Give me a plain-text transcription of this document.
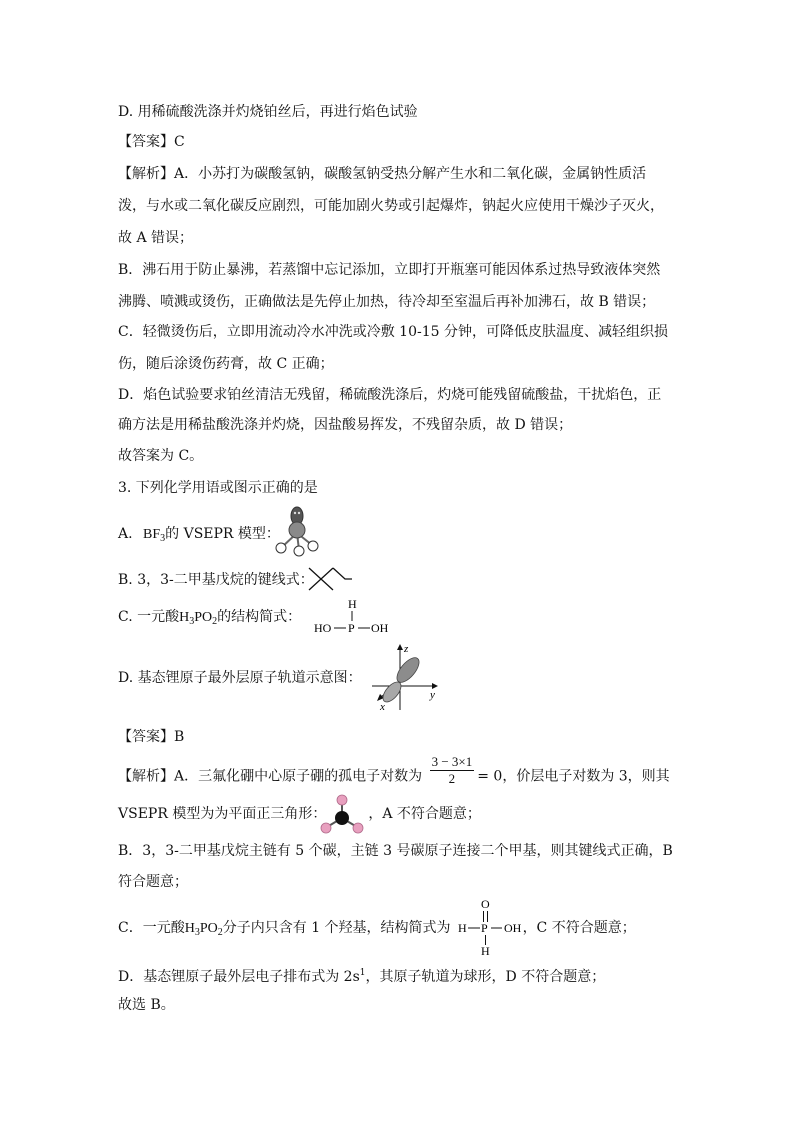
D. 用稀硫酸洗涤并灼烧铂丝后，再进行焰色试验
【答案】C
【解析】A．小苏打为碳酸氢钠，碳酸氢钠受热分解产生水和二氧化碳，金属钠性质活
泼，与水或二氧化碳反应剧烈，可能加剧火势或引起爆炸，钠起火应使用干燥沙子灭火，
故 A 错误；
B．沸石用于防止暴沸，若蒸馏中忘记添加，立即打开瓶塞可能因体系过热导致液体突然
沸腾、喷溅或烫伤，正确做法是先停止加热，待冷却至室温后再补加沸石，故 B 错误；
C．轻微烫伤后，立即用流动冷水冲洗或冷敷 10-15 分钟，可降低皮肤温度、减轻组织损
伤，随后涂烫伤药膏，故 C 正确；
D．焰色试验要求铂丝清洁无残留，稀硫酸洗涤后，灼烧可能残留硫酸盐，干扰焰色，正
确方法是用稀盐酸洗涤并灼烧，因盐酸易挥发，不残留杂质，故 D 错误；
故答案为 C。
3. 下列化学用语或图示正确的是
A. $BF_3$的 VSEPR 模型：
B. 3，3-二甲基戊烷的键线式：
C. 一元酸$H_3PO_2$的结构简式：
H
HO P OH
D. 基态锂原子最外层原子轨道示意图：
z
y
x
【答案】B
【解析】A．三氟化硼中心原子硼的孤电子对数为 $\frac{3 - 3\times 1}{2} = 0$，价层电子对数为 3，则其
VSEPR 模型为为平面正三角形：	，A 不符合题意；
B．3，3-二甲基戊烷主链有 5 个碳，主链 3 号碳原子连接二个甲基，则其键线式正确，B
符合题意；
C．一元酸$H_3PO_2$分子内只含有 1 个羟基，结构简式为	，C 不符合题意；
O
H P OH
H
D．基态锂原子最外层电子排布式为 $2s^1$，其原子轨道为球形，D 不符合题意；
故选 B。
